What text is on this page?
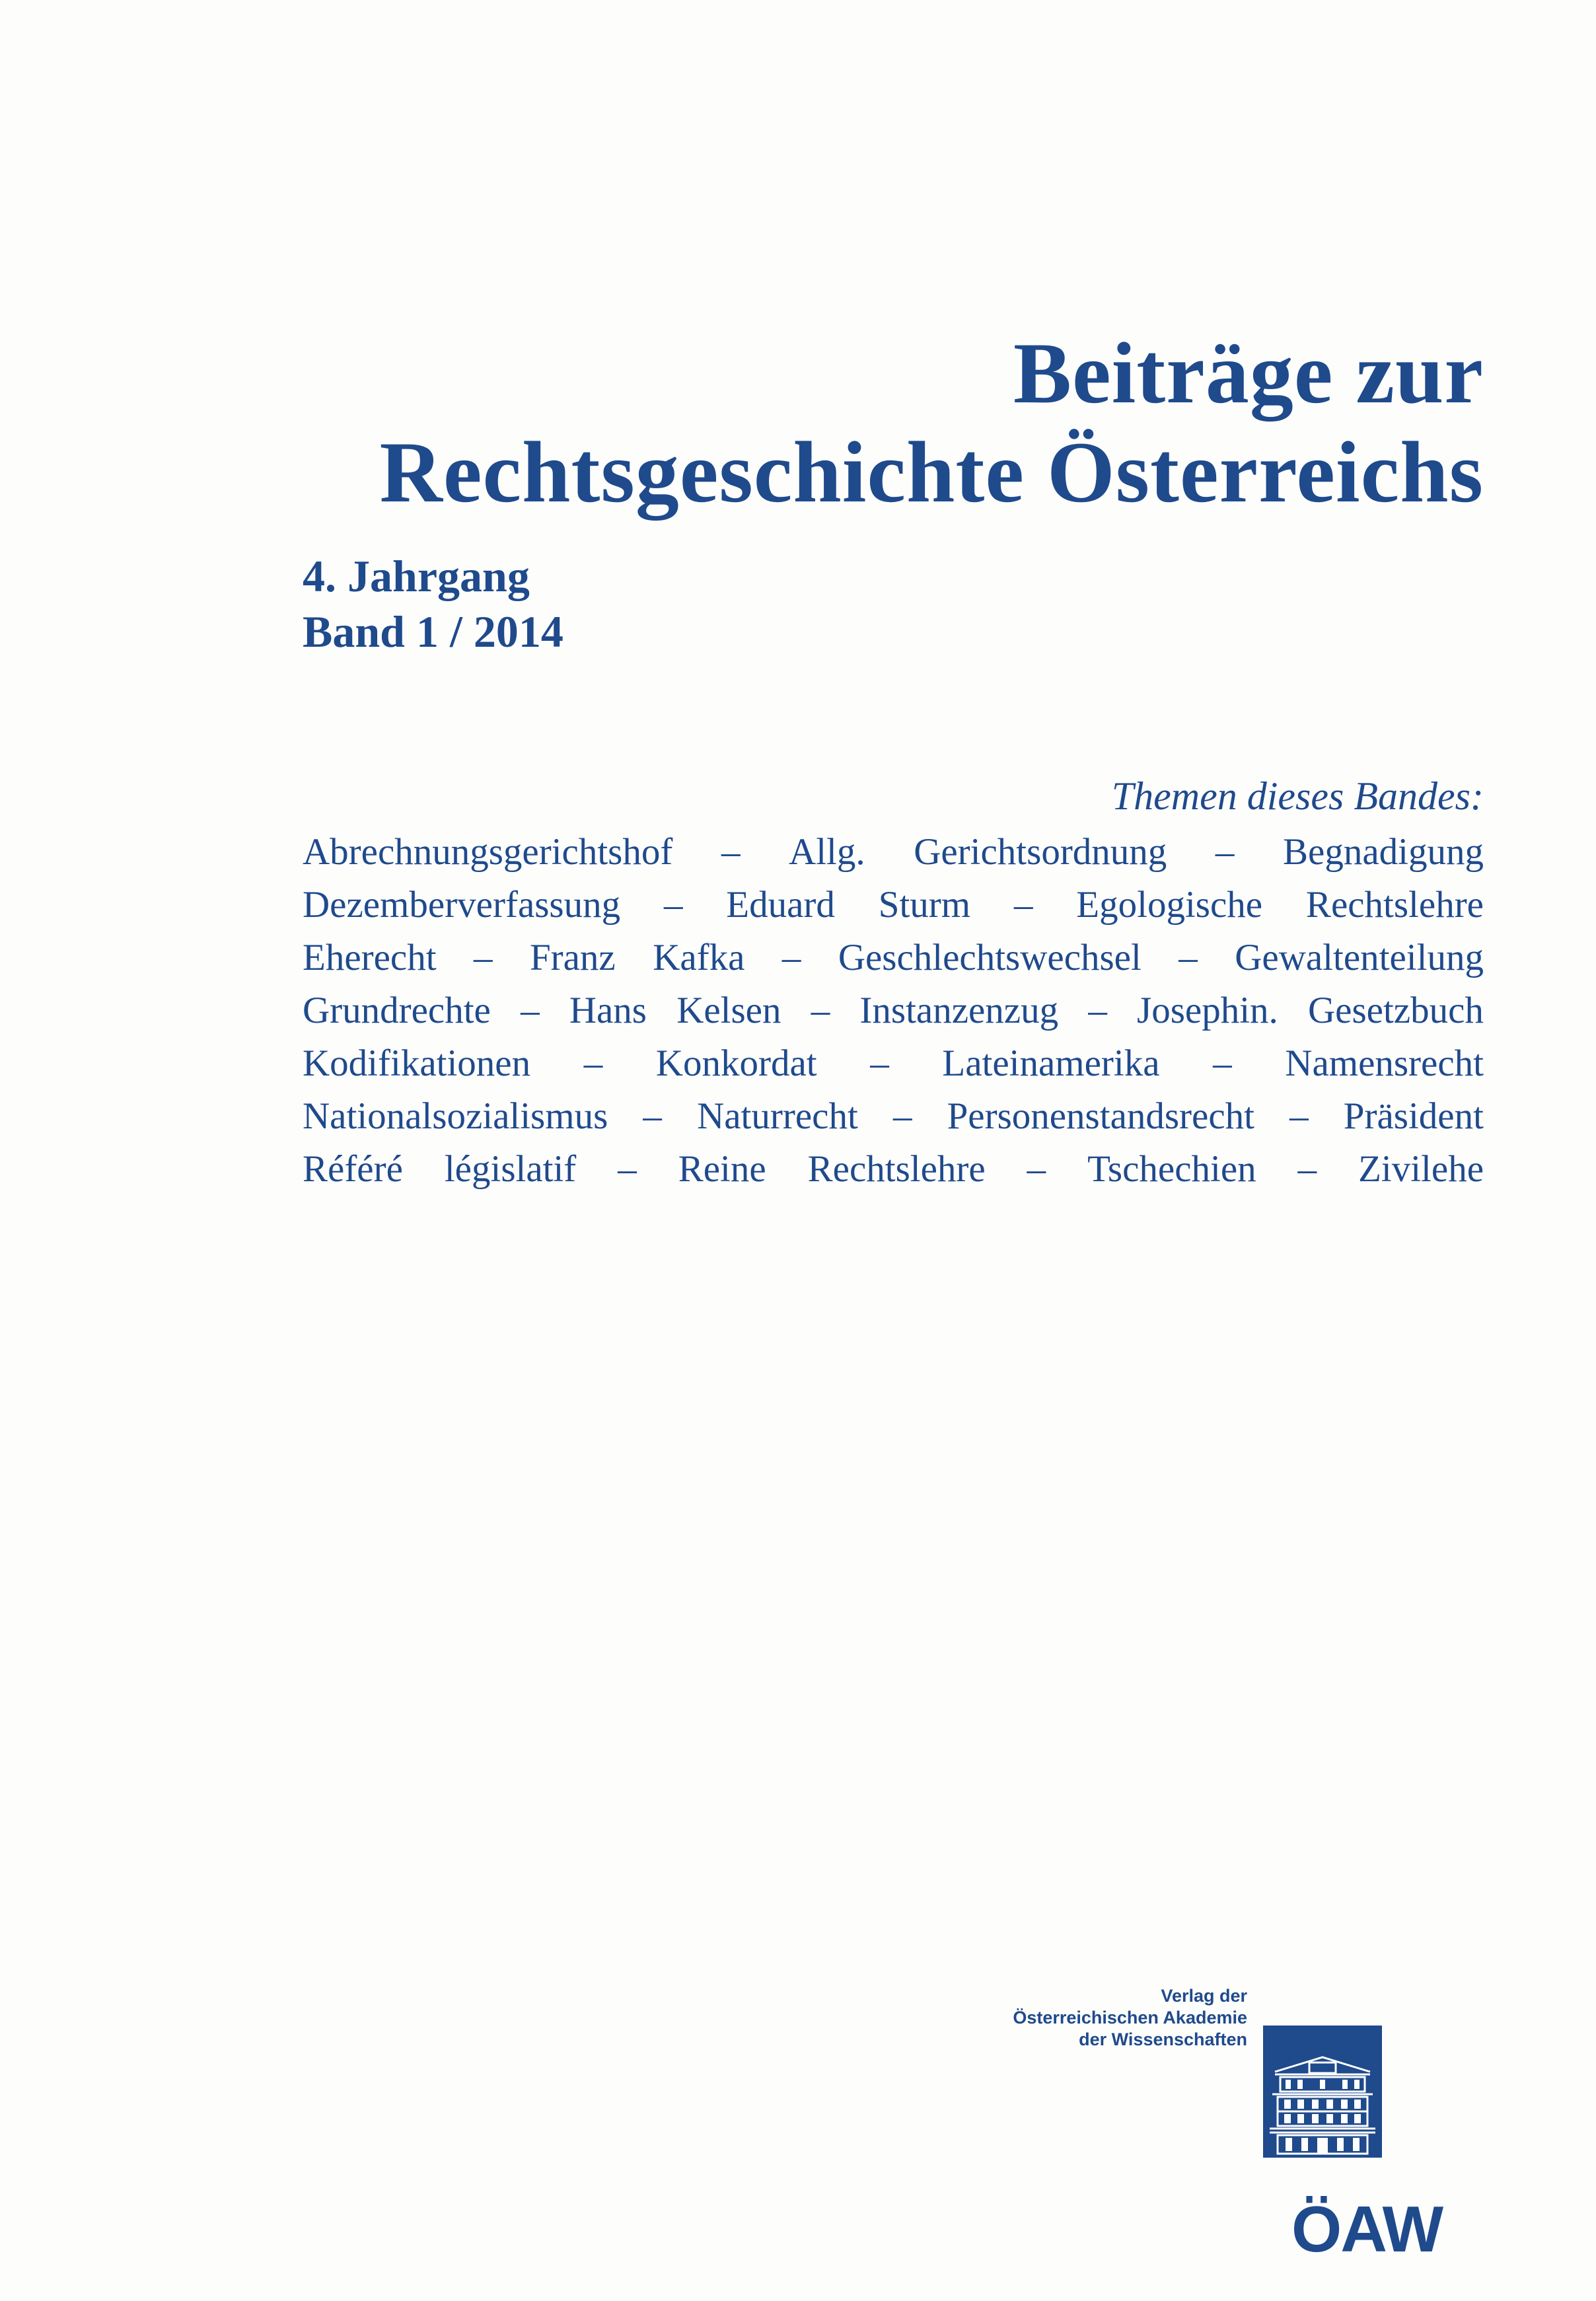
Beiträge zur
Rechtsgeschichte Österreichs
4. Jahrgang
Band 1 / 2014
Themen dieses Bandes:
Abrechnungsgerichtshof – Allg. Gerichtsordnung – Begnadigung
Dezemberverfassung – Eduard Sturm – Egologische Rechtslehre
Eherecht – Franz Kafka – Geschlechtswechsel – Gewaltenteilung
Grundrechte – Hans Kelsen – Instanzenzug – Josephin. Gesetzbuch
Kodifikationen – Konkordat – Lateinamerika – Namensrecht
Nationalsozialismus – Naturrecht – Personenstandsrecht – Präsident
Référé législatif – Reine Rechtslehre – Tschechien – Zivilehe
Verlag der
Österreichischen Akademie
der Wissenschaften
ÖAW
